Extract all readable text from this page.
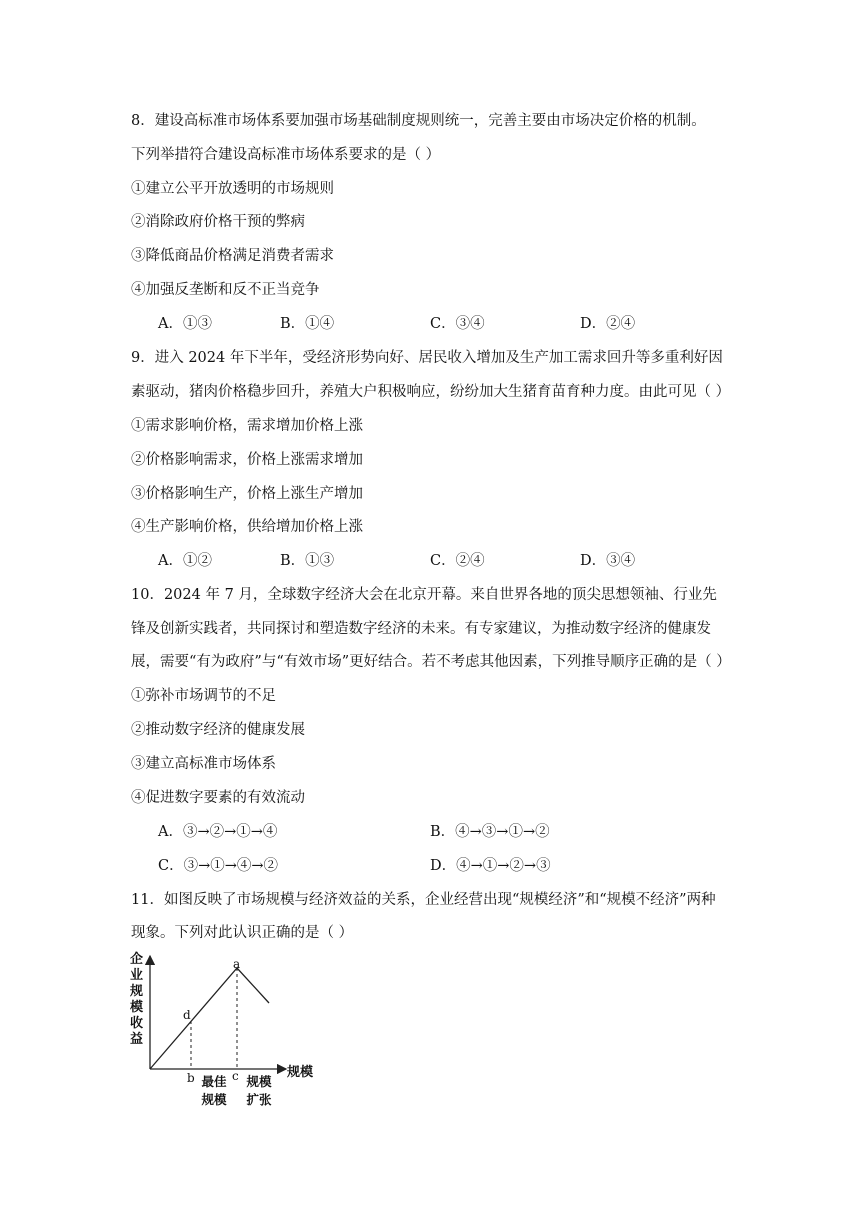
8．建设高标准市场体系要加强市场基础制度规则统一，完善主要由市场决定价格的机制。
下列举措符合建设高标准市场体系要求的是（ ）
①建立公平开放透明的市场规则
②消除政府价格干预的弊病
③降低商品价格满足消费者需求
④加强反垄断和反不正当竞争
A．①③	B．①④	C．③④	D．②④
9．进入 2024 年下半年，受经济形势向好、居民收入增加及生产加工需求回升等多重利好因
素驱动，猪肉价格稳步回升，养殖大户积极响应，纷纷加大生猪育苗育种力度。由此可见（ ）
①需求影响价格，需求增加价格上涨
②价格影响需求，价格上涨需求增加
③价格影响生产，价格上涨生产增加
④生产影响价格，供给增加价格上涨
A．①②	B．①③	C．②④	D．③④
10．2024 年 7 月，全球数字经济大会在北京开幕。来自世界各地的顶尖思想领袖、行业先
锋及创新实践者，共同探讨和塑造数字经济的未来。有专家建议，为推动数字经济的健康发
展，需要“有为政府”与“有效市场”更好结合。若不考虑其他因素，下列推导顺序正确的是（ ）
①弥补市场调节的不足
②推动数字经济的健康发展
③建立高标准市场体系
④促进数字要素的有效流动
A．③→②→①→④	B．④→③→①→②
C．③→①→④→②	D．④→①→②→③
11．如图反映了市场规模与经济效益的关系，企业经营出现“规模经济”和“规模不经济”两种
现象。下列对此认识正确的是（ ）
企业规模收益
规模
a
d
b	c
最佳
规模
规模
扩张
